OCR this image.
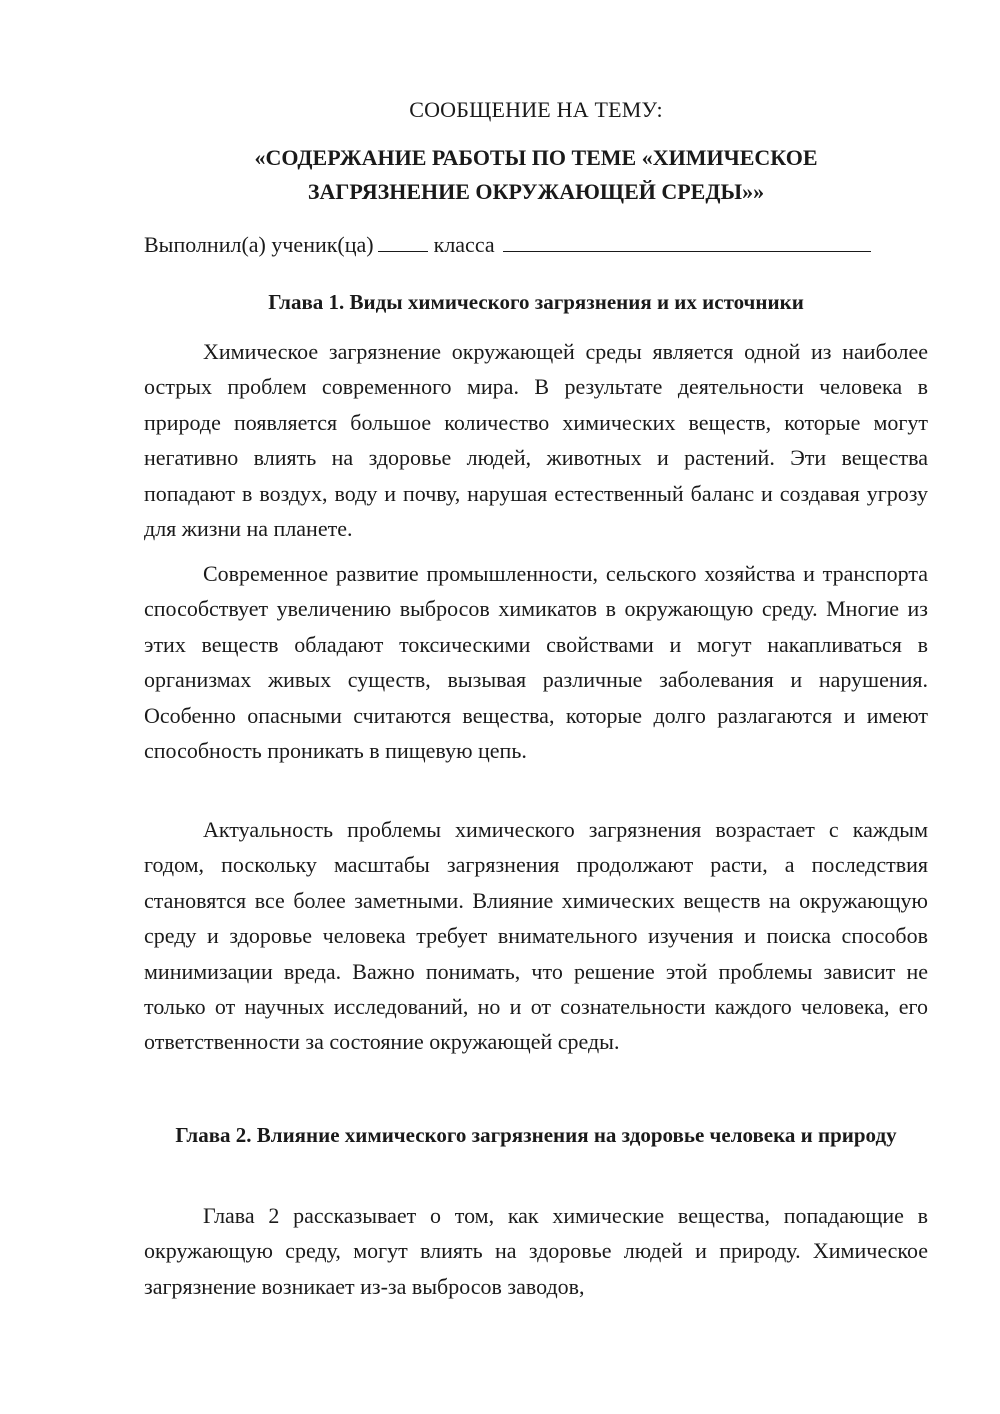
СООБЩЕНИЕ НА ТЕМУ:
«СОДЕРЖАНИЕ РАБОТЫ ПО ТЕМЕ «ХИМИЧЕСКОЕ ЗАГРЯЗНЕНИЕ ОКРУЖАЮЩЕЙ СРЕДЫ»»
Выполнил(а) ученик(ца)	класса
Глава 1. Виды химического загрязнения и их источники

Химическое загрязнение окружающей среды является одной из наиболее острых проблем современного мира. В результате деятельности человека в природе появляется большое количество химических веществ, которые могут негативно влиять на здоровье людей, животных и растений. Эти вещества попадают в воздух, воду и почву, нарушая естественный баланс и создавая угрозу для жизни на планете.

Современное развитие промышленности, сельского хозяйства и транспорта способствует увеличению выбросов химикатов в окружающую среду. Многие из этих веществ обладают токсическими свойствами и могут накапливаться в организмах живых существ, вызывая различные заболевания и нарушения. Особенно опасными считаются вещества, которые долго разлагаются и имеют способность проникать в пищевую цепь.

Актуальность проблемы химического загрязнения возрастает с каждым годом, поскольку масштабы загрязнения продолжают расти, а последствия становятся все более заметными. Влияние химических веществ на окружающую среду и здоровье человека требует внимательного изучения и поиска способов минимизации вреда. Важно понимать, что решение этой проблемы зависит не только от научных исследований, но и от сознательности каждого человека, его ответственности за состояние окружающей среды.

Глава 2. Влияние химического загрязнения на здоровье человека и природу

Глава 2 рассказывает о том, как химические вещества, попадающие в окружающую среду, могут влиять на здоровье людей и природу. Химическое загрязнение возникает из-за выбросов заводов,
